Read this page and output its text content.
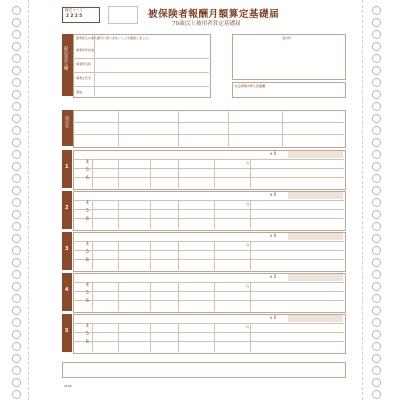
様式コード
2225	被保険者報酬月額算定基礎届
70歳以上被用者算定基礎届
提出者記入欄
届書記入の個人番号に誤りがないことを確認しました。
事業所所在地
事業所名称
事業主氏名
電話
受付印
社会保険労務士記載欄
項目名
1
x 0
4
5
6
円
2
x 0
4
5
6
円
3
x 0
4
5
6
円
4
x 0
4
5
6
円
5
x 0
4
5
6
円
2225
